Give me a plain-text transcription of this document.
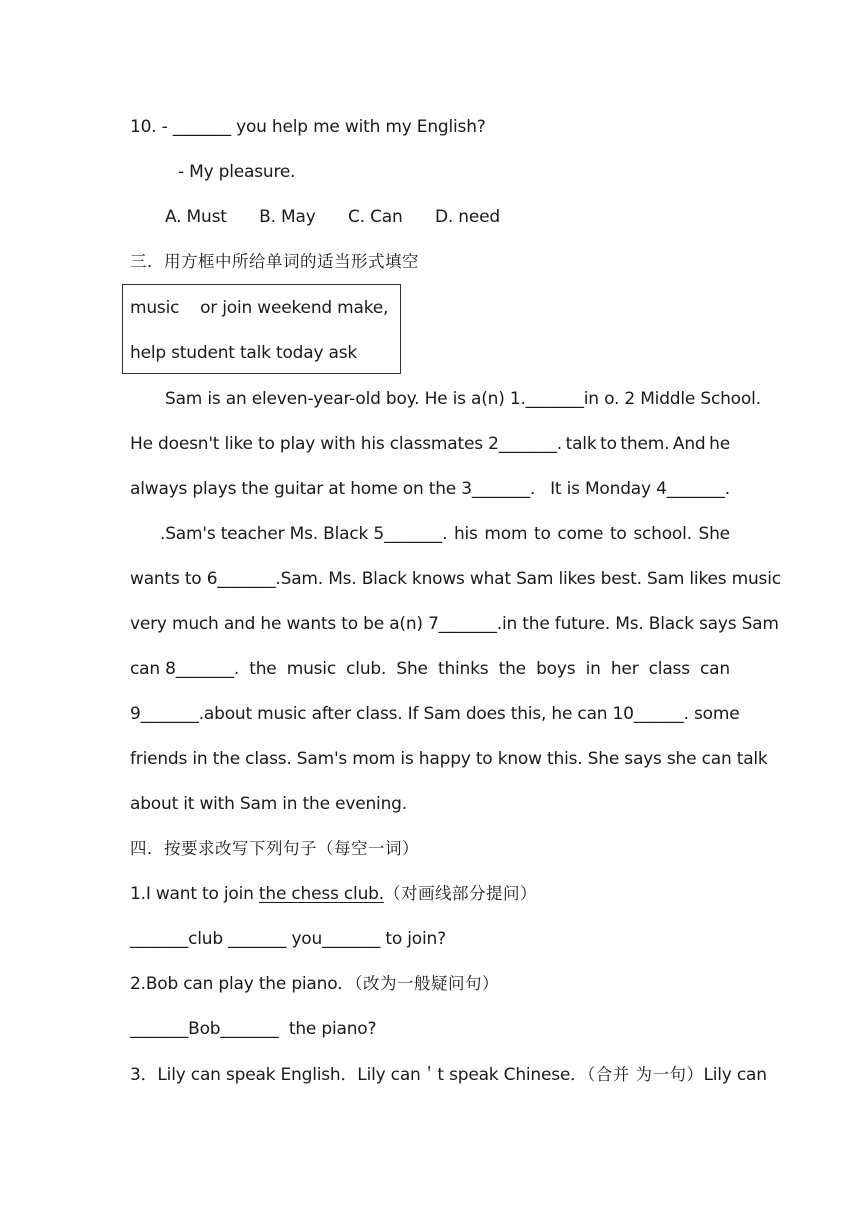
10. - _______ you help me with my English?
- My pleasure.
A. Must B. May C. Can D. need
三．用方框中所给单词的适当形式填空
music    or join weekend make,
help student talk today ask
Sam is an eleven-year-old boy. He is a(n) 1._______in o. 2 Middle School.
He doesn't like to play with his classmates 2_______. talk to them. And he
always plays the guitar at home on the 3_______. It is Monday 4_______.
.Sam's teacher Ms. Black 5_______. his mom to come to school. She
wants to 6_______.Sam. Ms. Black knows what Sam likes best. Sam likes music
very much and he wants to be a(n) 7_______.in the future. Ms. Black says Sam
can 8_______. the music club. She thinks the boys in her class can
9_______.about music after class. If Sam does this, he can 10______. some
friends in the class. Sam's mom is happy to know this. She says she can talk
about it with Sam in the evening.
四．按要求改写下列句子（每空一词）
1.I want to join the chess club.（对画线部分提问）
_______club _______ you_______ to join?
2.Bob can play the piano．（改为一般疑问句）
_______Bob_______  the piano?
3．Lily can speak English．Lily can＇t speak Chinese．（合并 为一句） Lily can
